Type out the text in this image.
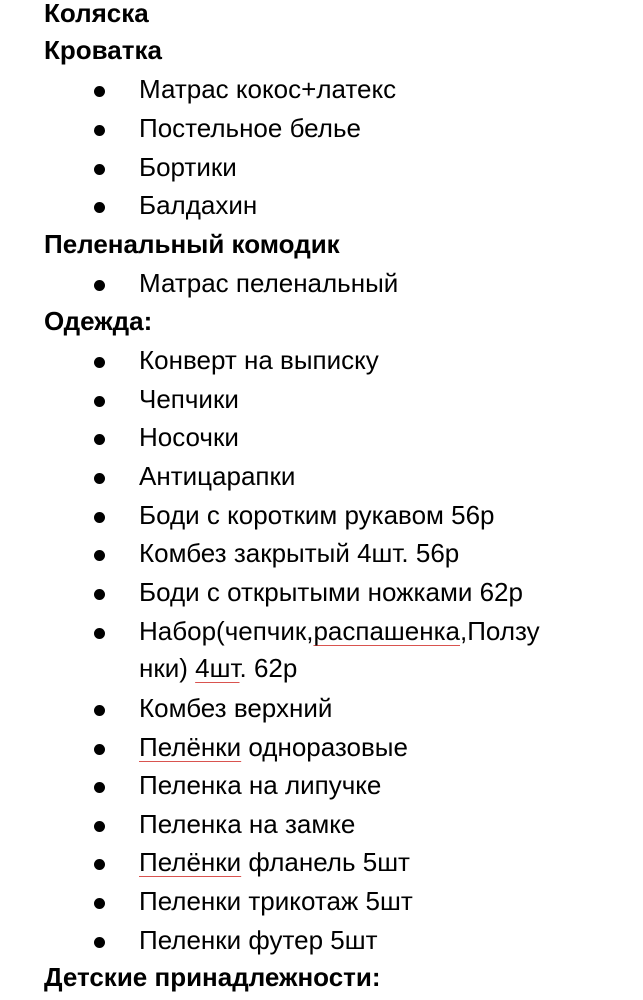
Коляска
Кроватка
Матрас кокос+латекс
Постельное белье
Бортики
Балдахин
Пеленальный комодик
Матрас пеленальный
Одежда:
Конверт на выписку
Чепчики
Носочки
Антицарапки
Боди с коротким рукавом 56р
Комбез закрытый 4шт. 56р
Боди с открытыми ножками 62р
Набор(чепчик,распашенка,Ползу
нки) 4шт. 62р
Комбез верхний
Пелёнки одноразовые
Пеленка на липучке
Пеленка на замке
Пелёнки фланель 5шт
Пеленки трикотаж 5шт
Пеленки футер 5шт
Детские принадлежности:
